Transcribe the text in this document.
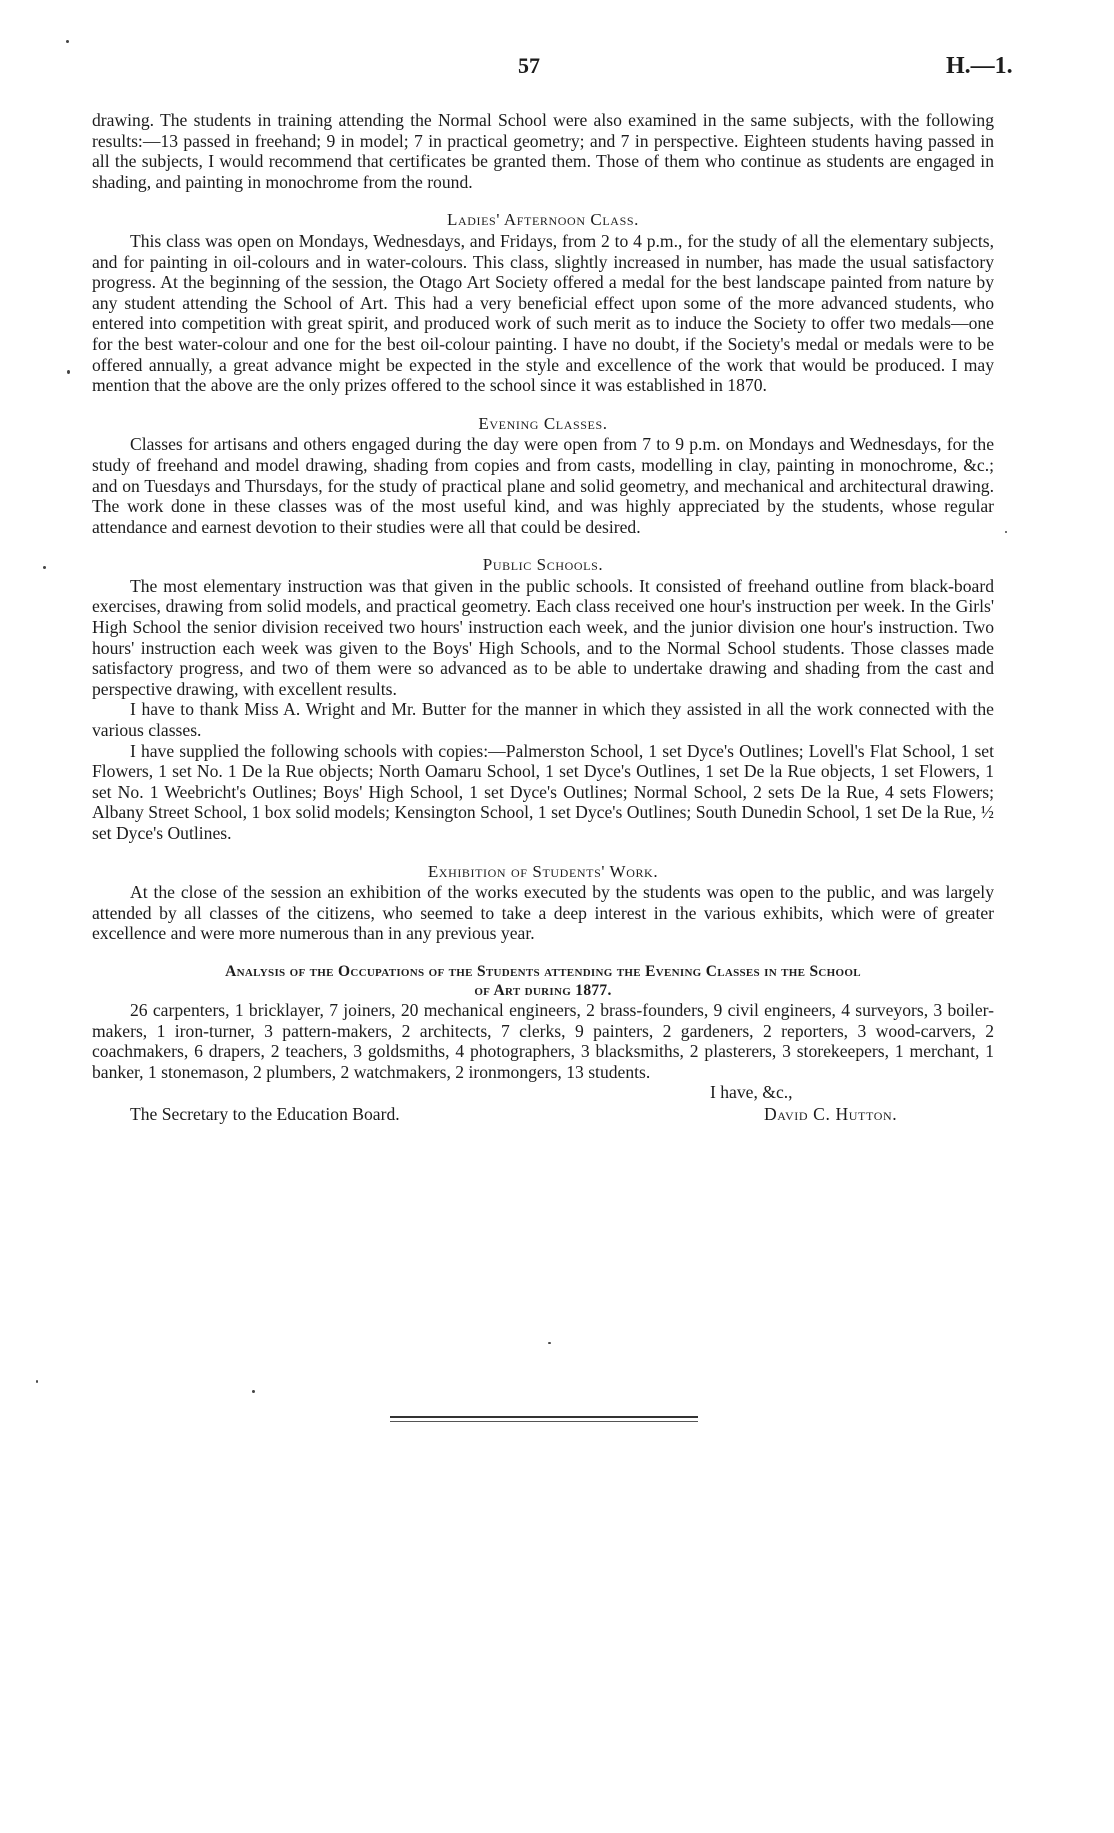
57	H.—1.

drawing. The students in training attending the Normal School were also examined in the same subjects, with the following results:—13 passed in freehand; 9 in model; 7 in practical geometry; and 7 in perspective. Eighteen students having passed in all the subjects, I would recommend that certificates be granted them. Those of them who continue as students are engaged in shading, and painting in monochrome from the round.

Ladies' Afternoon Class.

This class was open on Mondays, Wednesdays, and Fridays, from 2 to 4 p.m., for the study of all the elementary subjects, and for painting in oil-colours and in water-colours. This class, slightly increased in number, has made the usual satisfactory progress. At the beginning of the session, the Otago Art Society offered a medal for the best landscape painted from nature by any student attending the School of Art. This had a very beneficial effect upon some of the more advanced students, who entered into competition with great spirit, and produced work of such merit as to induce the Society to offer two medals—one for the best water-colour and one for the best oil-colour painting. I have no doubt, if the Society's medal or medals were to be offered annually, a great advance might be expected in the style and excellence of the work that would be produced. I may mention that the above are the only prizes offered to the school since it was established in 1870.

Evening Classes.

Classes for artisans and others engaged during the day were open from 7 to 9 p.m. on Mondays and Wednesdays, for the study of freehand and model drawing, shading from copies and from casts, modelling in clay, painting in monochrome, &c.; and on Tuesdays and Thursdays, for the study of practical plane and solid geometry, and mechanical and architectural drawing. The work done in these classes was of the most useful kind, and was highly appreciated by the students, whose regular attendance and earnest devotion to their studies were all that could be desired.

Public Schools.

The most elementary instruction was that given in the public schools. It consisted of freehand outline from black-board exercises, drawing from solid models, and practical geometry. Each class received one hour's instruction per week. In the Girls' High School the senior division received two hours' instruction each week, and the junior division one hour's instruction. Two hours' instruction each week was given to the Boys' High Schools, and to the Normal School students. Those classes made satisfactory progress, and two of them were so advanced as to be able to undertake drawing and shading from the cast and perspective drawing, with excellent results.

I have to thank Miss A. Wright and Mr. Butter for the manner in which they assisted in all the work connected with the various classes.

I have supplied the following schools with copies:—Palmerston School, 1 set Dyce's Outlines; Lovell's Flat School, 1 set Flowers, 1 set No. 1 De la Rue objects; North Oamaru School, 1 set Dyce's Outlines, 1 set De la Rue objects, 1 set Flowers, 1 set No. 1 Weebricht's Outlines; Boys' High School, 1 set Dyce's Outlines; Normal School, 2 sets De la Rue, 4 sets Flowers; Albany Street School, 1 box solid models; Kensington School, 1 set Dyce's Outlines; South Dunedin School, 1 set De la Rue, ½ set Dyce's Outlines.

Exhibition of Students' Work.

At the close of the session an exhibition of the works executed by the students was open to the public, and was largely attended by all classes of the citizens, who seemed to take a deep interest in the various exhibits, which were of greater excellence and were more numerous than in any previous year.

Analysis of the Occupations of the Students attending the Evening Classes in the School
of Art during 1877.

26 carpenters, 1 bricklayer, 7 joiners, 20 mechanical engineers, 2 brass-founders, 9 civil engineers, 4 surveyors, 3 boiler-makers, 1 iron-turner, 3 pattern-makers, 2 architects, 7 clerks, 9 painters, 2 gardeners, 2 reporters, 3 wood-carvers, 2 coachmakers, 6 drapers, 2 teachers, 3 goldsmiths, 4 photographers, 3 blacksmiths, 2 plasterers, 3 storekeepers, 1 merchant, 1 banker, 1 stonemason, 2 plumbers, 2 watchmakers, 2 ironmongers, 13 students.

I have, &c.,
The Secretary to the Education Board.	David C. Hutton.
